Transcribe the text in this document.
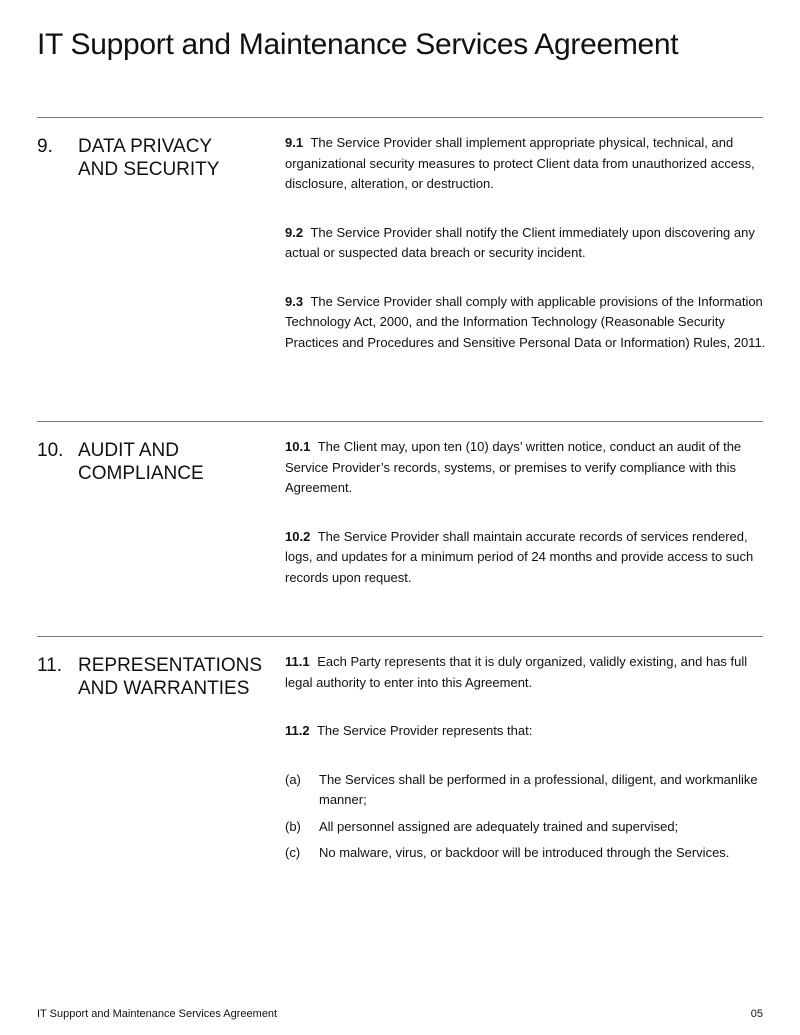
IT Support and Maintenance Services Agreement
9. DATA PRIVACY
AND SECURITY

9.1 The Service Provider shall implement appropriate physical, technical, and organizational security measures to protect Client data from unauthorized access, disclosure, alteration, or destruction.

9.2 The Service Provider shall notify the Client immediately upon discovering any actual or suspected data breach or security incident.

9.3 The Service Provider shall comply with applicable provisions of the Information Technology Act, 2000, and the Information Technology (Reasonable Security Practices and Procedures and Sensitive Personal Data or Information) Rules, 2011.

10. AUDIT AND
COMPLIANCE

10.1 The Client may, upon ten (10) days’ written notice, conduct an audit of the Service Provider’s records, systems, or premises to verify compliance with this Agreement.

10.2 The Service Provider shall maintain accurate records of services rendered, logs, and updates for a minimum period of 24 months and provide access to such records upon request.

11. REPRESENTATIONS
AND WARRANTIES

11.1 Each Party represents that it is duly organized, validly existing, and has full legal authority to enter into this Agreement.

11.2 The Service Provider represents that:

(a)	The Services shall be performed in a professional, diligent, and workmanlike manner;
(b)	All personnel assigned are adequately trained and supervised;
(c)	No malware, virus, or backdoor will be introduced through the Services.
IT Support and Maintenance Services Agreement	05
